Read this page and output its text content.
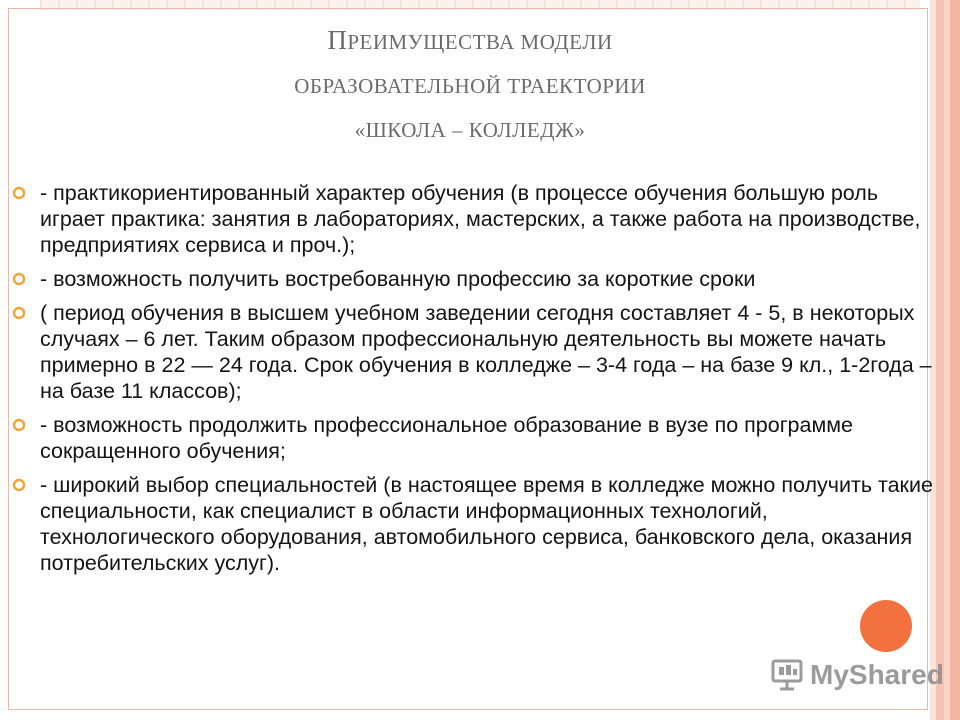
ПРЕИМУЩЕСТВА МОДЕЛИ
ОБРАЗОВАТЕЛЬНОЙ ТРАЕКТОРИИ
«ШКОЛА – КОЛЛЕДЖ»
- практикориентированный характер обучения (в процессе обучения большую роль играет практика: занятия в лабораториях, мастерских, а также работа на производстве, предприятиях сервиса и проч.);
- возможность получить востребованную профессию за короткие сроки
( период обучения в высшем учебном заведении сегодня составляет 4 - 5, в некоторых случаях – 6 лет. Таким образом профессиональную деятельность вы можете начать примерно в 22 — 24 года. Срок обучения в колледже – 3-4 года – на базе 9 кл., 1-2года – на базе 11 классов);
- возможность продолжить профессиональное образование в вузе по программе сокращенного обучения;
- широкий выбор специальностей (в настоящее время в колледже можно получить такие специальности, как специалист в области информационных технологий, технологического оборудования, автомобильного сервиса, банковского дела, оказания потребительских услуг).
MyShared
